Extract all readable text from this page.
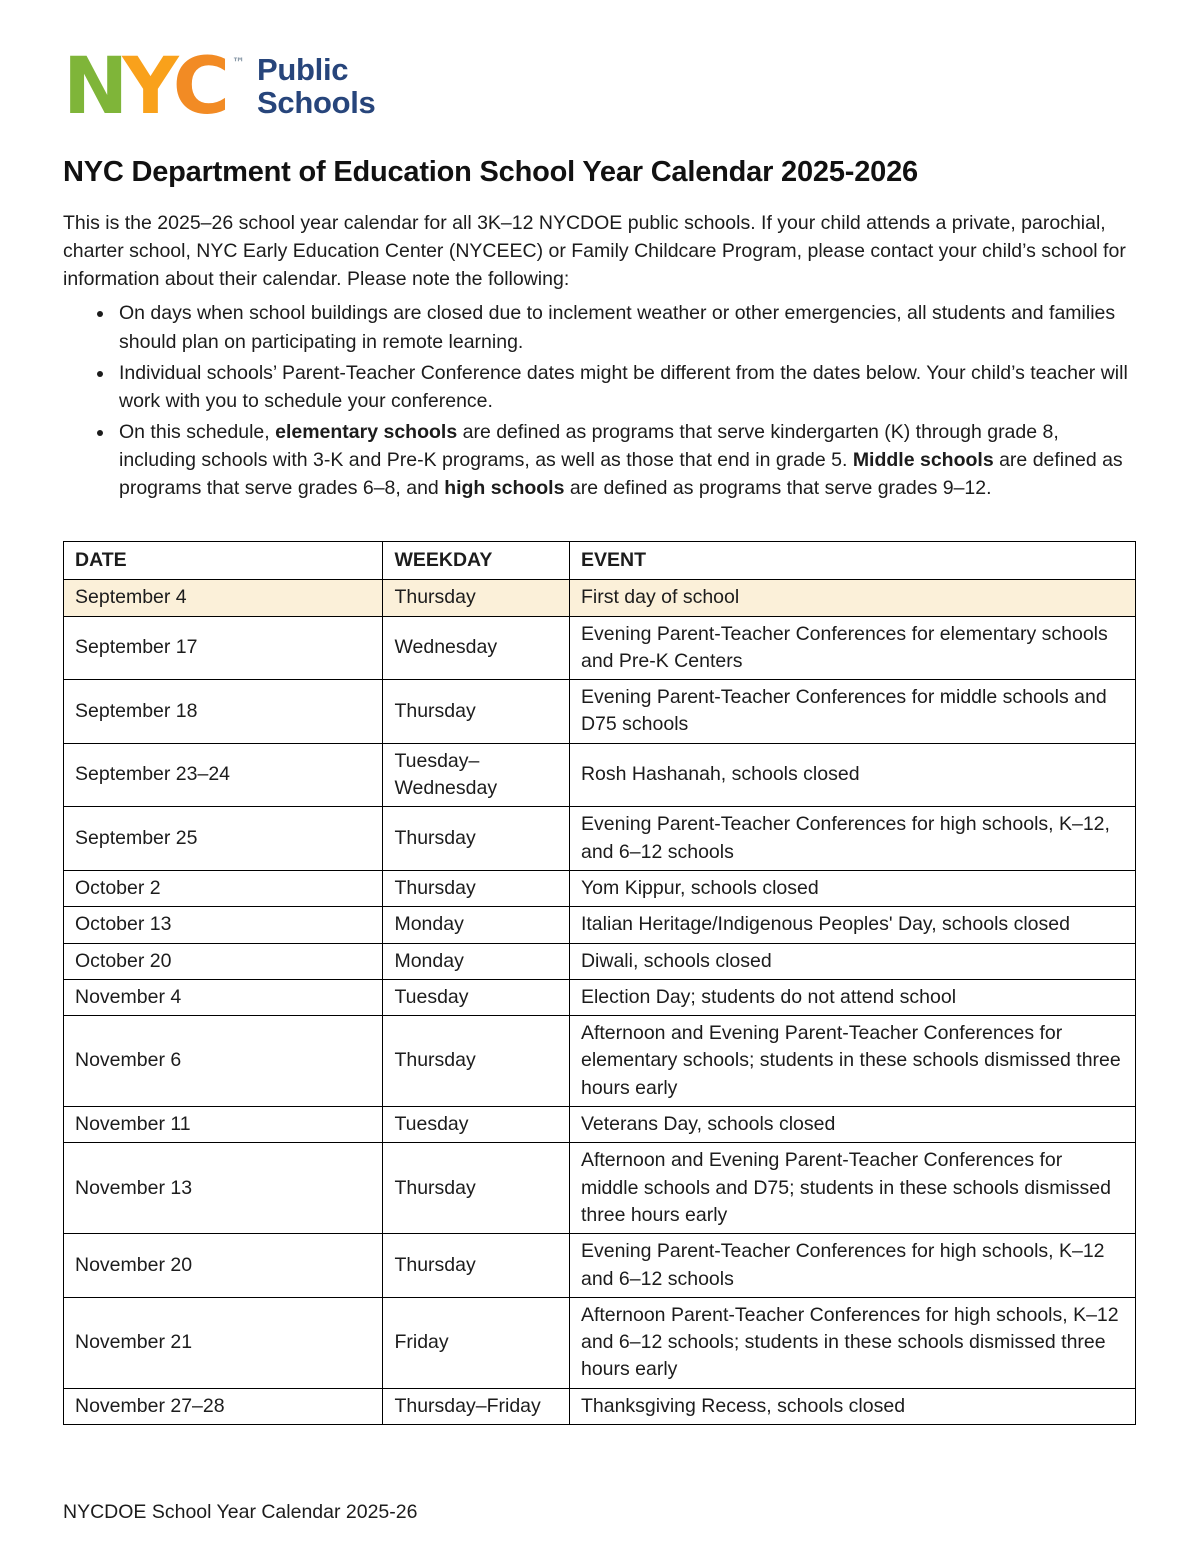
N Y C ™ Public
Schools
NYC Department of Education School Year Calendar 2025-2026

This is the 2025–26 school year calendar for all 3K–12 NYCDOE public schools. If your child attends a private, parochial, charter school, NYC Early Education Center (NYCEEC) or Family Childcare Program, please contact your child’s school for information about their calendar. Please note the following:

• On days when school buildings are closed due to inclement weather or other emergencies, all students and families should plan on participating in remote learning.
• Individual schools’ Parent-Teacher Conference dates might be different from the dates below. Your child’s teacher will work with you to schedule your conference.
• On this schedule, elementary schools are defined as programs that serve kindergarten (K) through grade 8, including schools with 3-K and Pre-K programs, as well as those that end in grade 5. Middle schools are defined as programs that serve grades 6–8, and high schools are defined as programs that serve grades 9–12.
DATE	WEEKDAY	EVENT
September 4	Thursday	First day of school
September 17	Wednesday	Evening Parent-Teacher Conferences for elementary schools and Pre-K Centers
September 18	Thursday	Evening Parent-Teacher Conferences for middle schools and D75 schools
September 23–24	Tuesday–Wednesday	Rosh Hashanah, schools closed
September 25	Thursday	Evening Parent-Teacher Conferences for high schools, K–12, and 6–12 schools
October 2	Thursday	Yom Kippur, schools closed
October 13	Monday	Italian Heritage/Indigenous Peoples' Day, schools closed
October 20	Monday	Diwali, schools closed
November 4	Tuesday	Election Day; students do not attend school
November 6	Thursday	Afternoon and Evening Parent-Teacher Conferences for elementary schools; students in these schools dismissed three hours early
November 11	Tuesday	Veterans Day, schools closed
November 13	Thursday	Afternoon and Evening Parent-Teacher Conferences for middle schools and D75; students in these schools dismissed three hours early
November 20	Thursday	Evening Parent-Teacher Conferences for high schools, K–12 and 6–12 schools
November 21	Friday	Afternoon Parent-Teacher Conferences for high schools, K–12 and 6–12 schools; students in these schools dismissed three hours early
November 27–28	Thursday–Friday	Thanksgiving Recess, schools closed
NYCDOE School Year Calendar 2025-26
